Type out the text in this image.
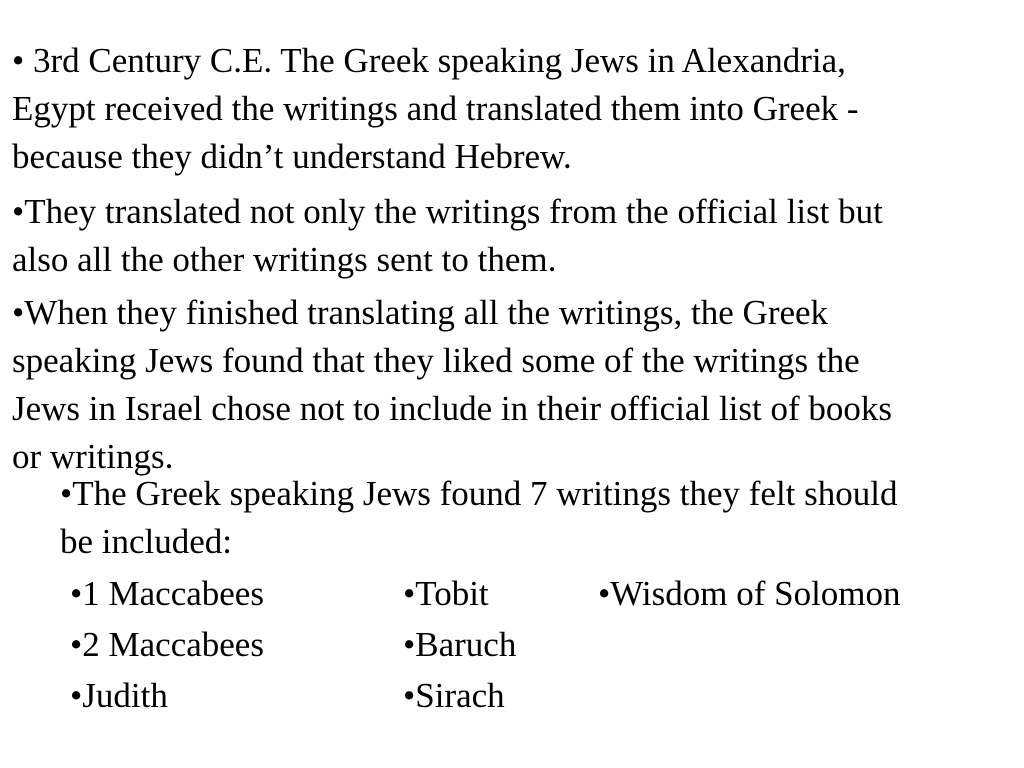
• 3rd Century C.E. The Greek speaking Jews in Alexandria,
Egypt received the writings and translated them into Greek -
because they didn’t understand Hebrew.

•They translated not only the writings from the official list but
also all the other writings sent to them.

•When they finished translating all the writings, the Greek
speaking Jews found that they liked some of the writings the
Jews in Israel chose not to include in their official list of books
or writings.

•The Greek speaking Jews found 7 writings they felt should
be included:

•1 Maccabees

•2 Maccabees

•Judith

•Tobit

•Baruch

•Sirach

•Wisdom of Solomon
